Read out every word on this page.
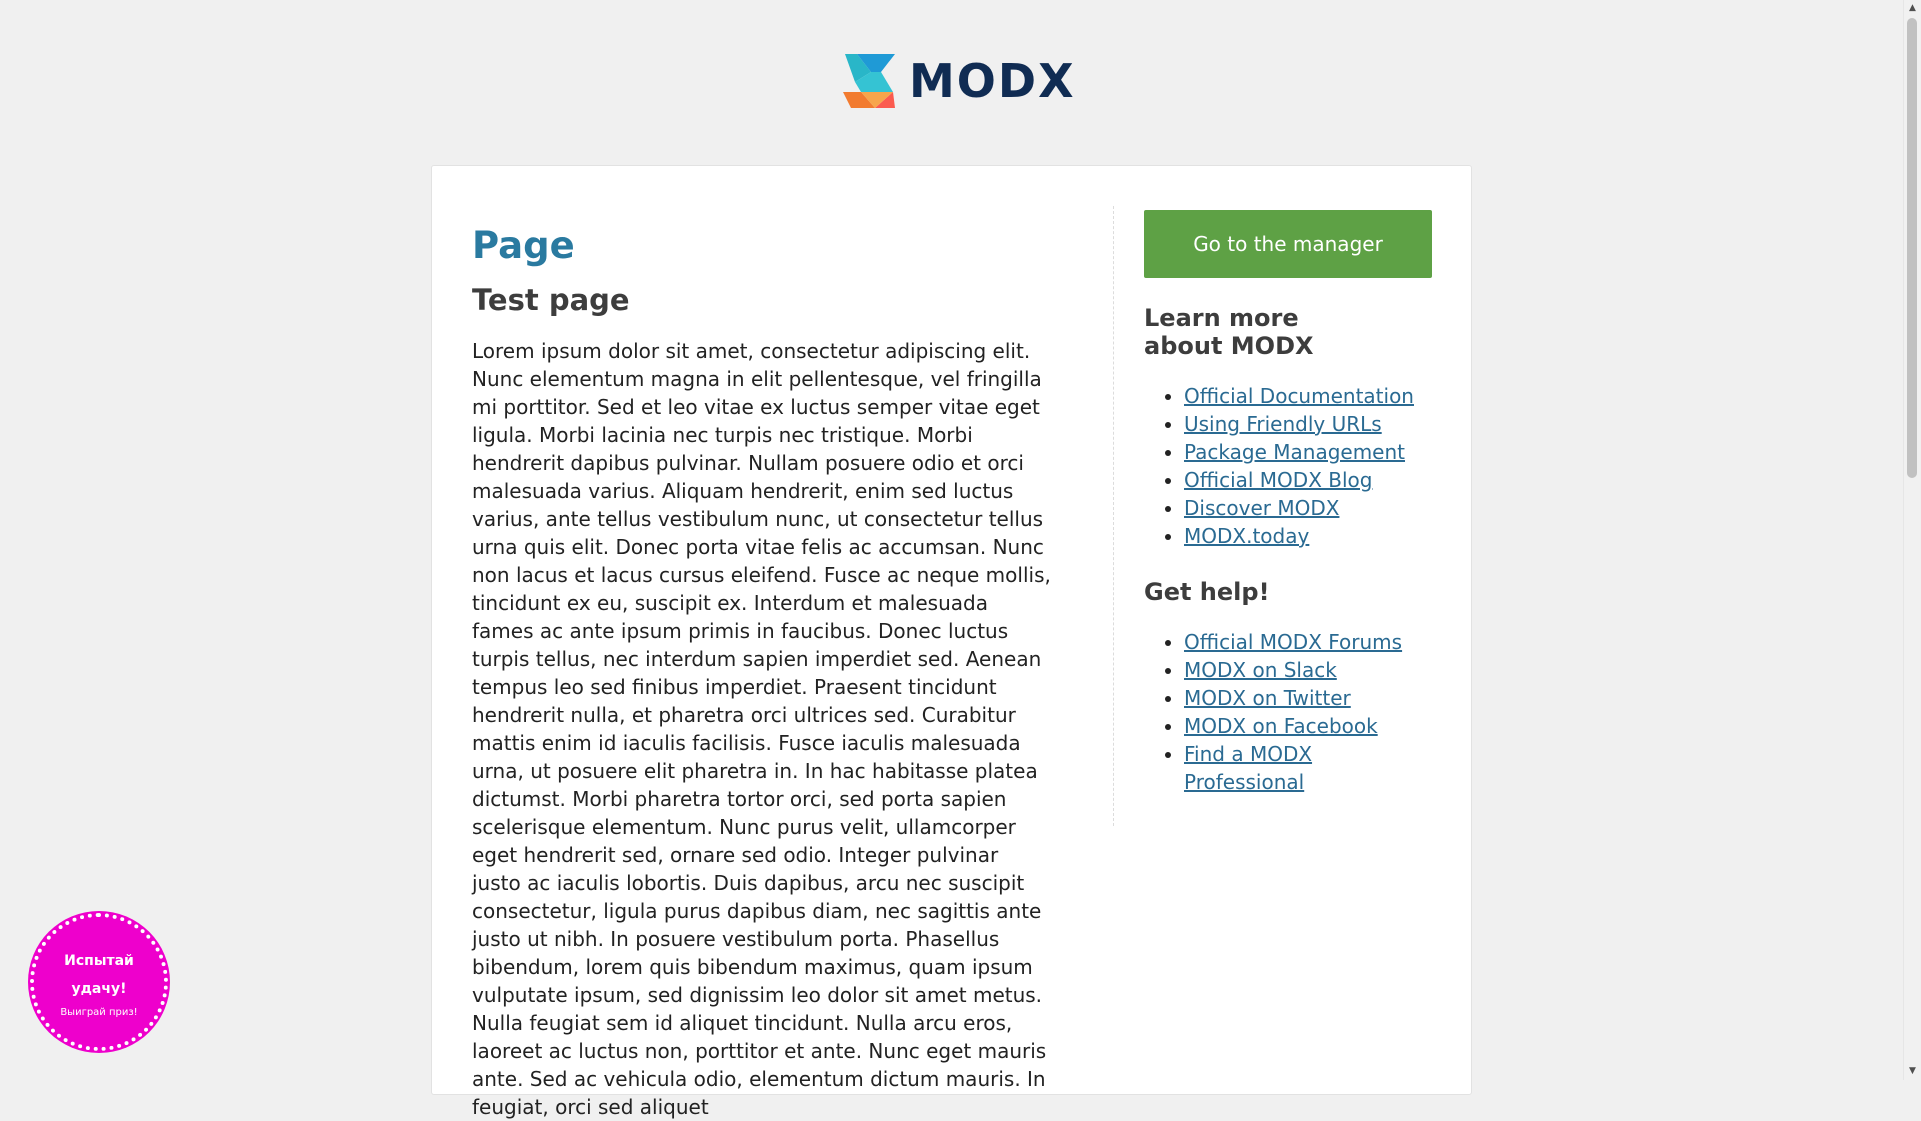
MODX
Page
Test page

Lorem ipsum dolor sit amet, consectetur adipiscing elit. Nunc elementum magna in elit pellentesque, vel fringilla mi porttitor. Sed et leo vitae ex luctus semper vitae eget ligula. Morbi lacinia nec turpis nec tristique. Morbi hendrerit dapibus pulvinar. Nullam posuere odio et orci malesuada varius. Aliquam hendrerit, enim sed luctus varius, ante tellus vestibulum nunc, ut consectetur tellus urna quis elit. Donec porta vitae felis ac accumsan. Nunc non lacus et lacus cursus eleifend. Fusce ac neque mollis, tincidunt ex eu, suscipit ex. Interdum et malesuada fames ac ante ipsum primis in faucibus. Donec luctus turpis tellus, nec interdum sapien imperdiet sed. Aenean tempus leo sed finibus imperdiet. Praesent tincidunt hendrerit nulla, et pharetra orci ultrices sed. Curabitur mattis enim id iaculis facilisis. Fusce iaculis malesuada urna, ut posuere elit pharetra in. In hac habitasse platea dictumst. Morbi pharetra tortor orci, sed porta sapien scelerisque elementum. Nunc purus velit, ullamcorper eget hendrerit sed, ornare sed odio. Integer pulvinar justo ac iaculis lobortis. Duis dapibus, arcu nec suscipit consectetur, ligula purus dapibus diam, nec sagittis ante justo ut nibh. In posuere vestibulum porta. Phasellus bibendum, lorem quis bibendum maximus, quam ipsum vulputate ipsum, sed dignissim leo dolor sit amet metus. Nulla feugiat sem id aliquet tincidunt. Nulla arcu eros, laoreet ac luctus non, porttitor et ante. Nunc eget mauris ante. Sed ac vehicula odio, elementum dictum mauris. In feugiat, orci sed aliquet

Go to the manager
Learn more about MODX
• Official Documentation
• Using Friendly URLs
• Package Management
• Official MODX Blog
• Discover MODX
• MODX.today
Get help!
• Official MODX Forums
• MODX on Slack
• MODX on Twitter
• MODX on Facebook
• Find a MODX Professional
Испытай удачу!
Выиграй приз!
▲
▼
